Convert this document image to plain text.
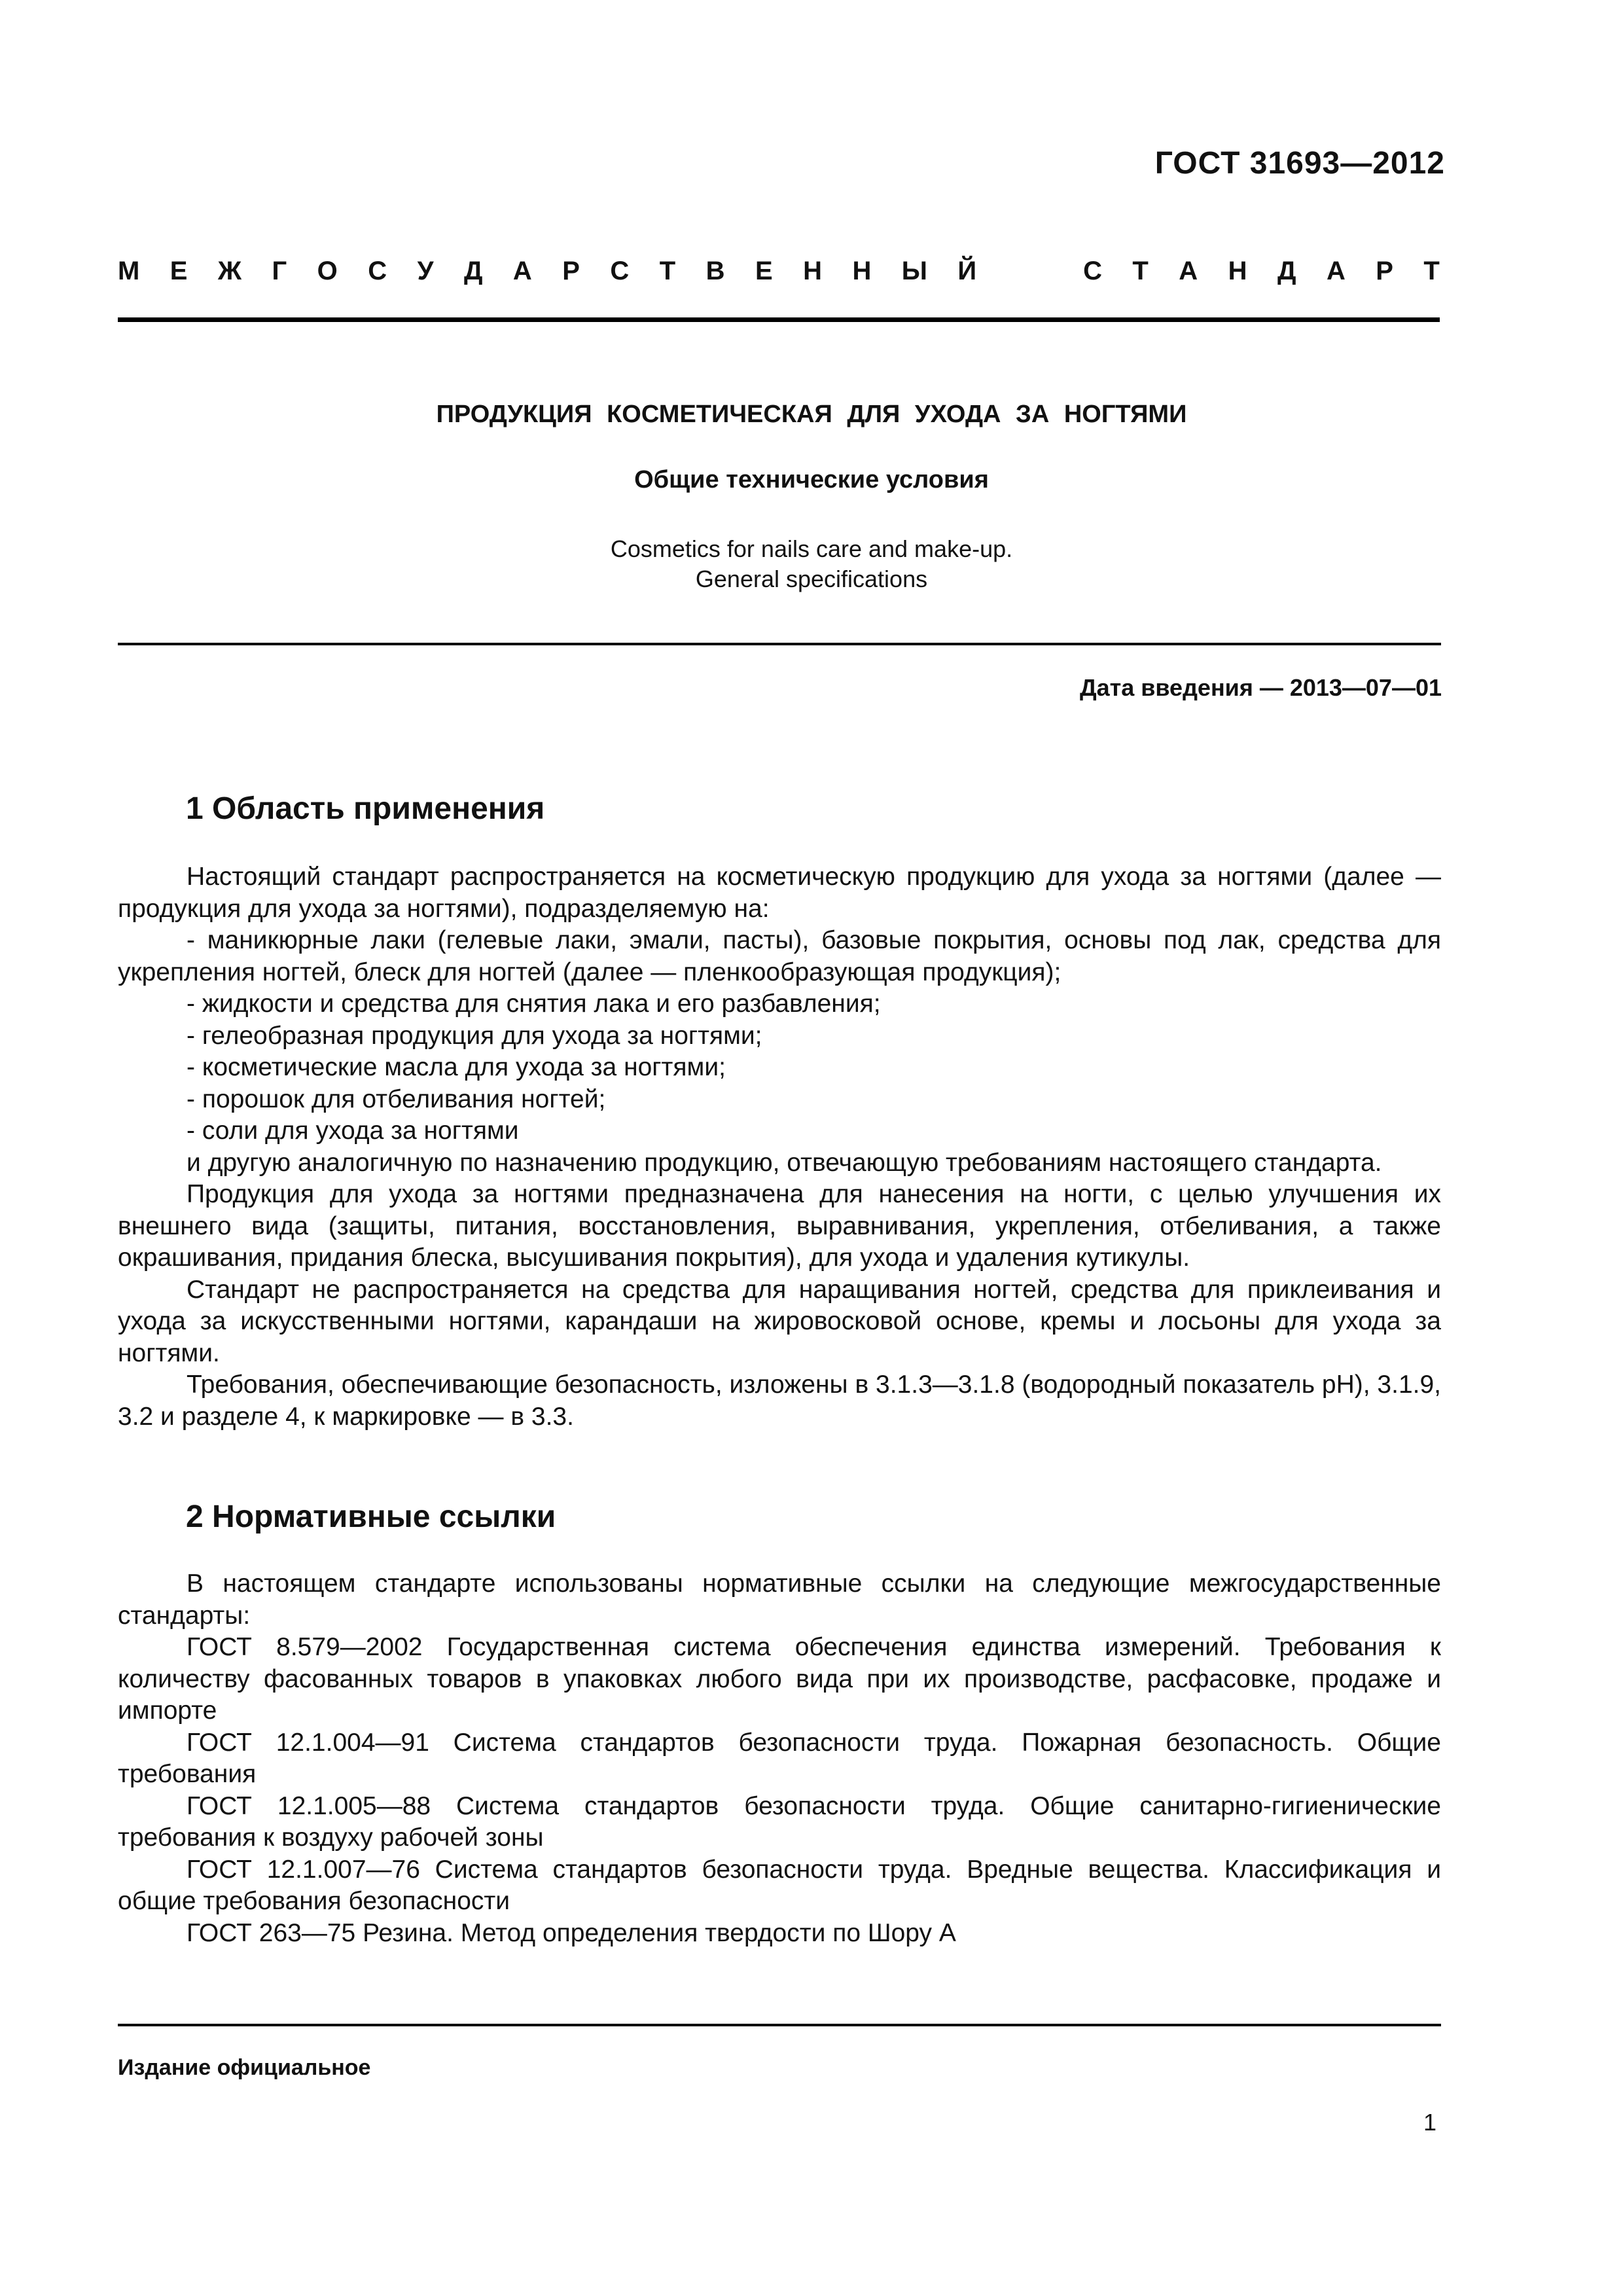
ГОСТ 31693—2012
М Е Ж Г О С У Д А Р С Т В Е Н Н Ы Й	С Т А Н Д А Р Т
ПРОДУКЦИЯ КОСМЕТИЧЕСКАЯ ДЛЯ УХОДА ЗА НОГТЯМИ
Общие технические условия
Cosmetics for nails care and make-up.
General specifications
Дата введения — 2013—07—01
1 Область применения

Настоящий стандарт распространяется на косметическую продукцию для ухода за ногтями (далее — продукция для ухода за ногтями), подразделяемую на:

- маникюрные лаки (гелевые лаки, эмали, пасты), базовые покрытия, основы под лак, средства для укрепления ногтей, блеск для ногтей (далее — пленкообразующая продукция);

- жидкости и средства для снятия лака и его разбавления;

- гелеобразная продукция для ухода за ногтями;

- косметические масла для ухода за ногтями;

- порошок для отбеливания ногтей;

- соли для ухода за ногтями

и другую аналогичную по назначению продукцию, отвечающую требованиям настоящего стандарта.

Продукция для ухода за ногтями предназначена для нанесения на ногти, с целью улучшения их внешнего вида (защиты, питания, восстановления, выравнивания, укрепления, отбеливания, а также окрашивания, придания блеска, высушивания покрытия), для ухода и удаления кутикулы.

Стандарт не распространяется на средства для наращивания ногтей, средства для приклеивания и ухода за искусственными ногтями, карандаши на жировосковой основе, кремы и лосьоны для ухода за ногтями.

Требования, обеспечивающие безопасность, изложены в 3.1.3—3.1.8 (водородный показатель pH), 3.1.9, 3.2 и разделе 4, к маркировке — в 3.3.

2 Нормативные ссылки

В настоящем стандарте использованы нормативные ссылки на следующие межгосударственные стандарты:

ГОСТ 8.579—2002 Государственная система обеспечения единства измерений. Требования к количеству фасованных товаров в упаковках любого вида при их производстве, расфасовке, продаже и импорте

ГОСТ 12.1.004—91 Система стандартов безопасности труда. Пожарная безопасность. Общие требования

ГОСТ 12.1.005—88 Система стандартов безопасности труда. Общие санитарно-гигиенические требования к воздуху рабочей зоны

ГОСТ 12.1.007—76 Система стандартов безопасности труда. Вредные вещества. Классификация и общие требования безопасности

ГОСТ 263—75 Резина. Метод определения твердости по Шору А

Издание официальное
1
